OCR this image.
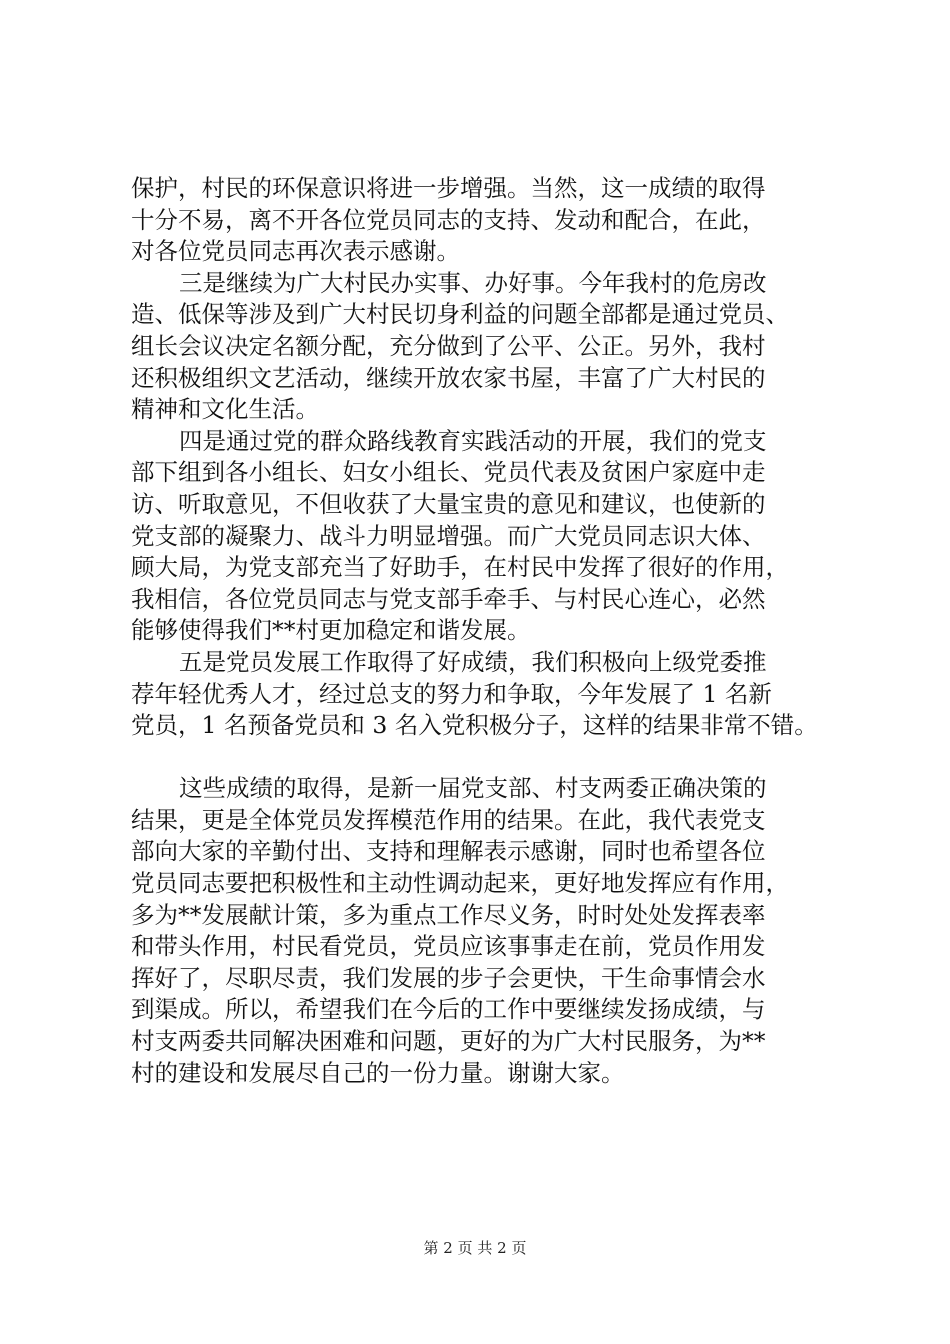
保护，村民的环保意识将进一步增强。当然，这一成绩的取得
十分不易，离不开各位党员同志的支持、发动和配合，在此，
对各位党员同志再次表示感谢。
三是继续为广大村民办实事、办好事。今年我村的危房改
造、低保等涉及到广大村民切身利益的问题全部都是通过党员、
组长会议决定名额分配，充分做到了公平、公正。另外，我村
还积极组织文艺活动，继续开放农家书屋，丰富了广大村民的
精神和文化生活。
四是通过党的群众路线教育实践活动的开展，我们的党支
部下组到各小组长、妇女小组长、党员代表及贫困户家庭中走
访、听取意见，不但收获了大量宝贵的意见和建议，也使新的
党支部的凝聚力、战斗力明显增强。而广大党员同志识大体、
顾大局，为党支部充当了好助手，在村民中发挥了很好的作用，
我相信，各位党员同志与党支部手牵手、与村民心连心，必然
能够使得我们**村更加稳定和谐发展。
五是党员发展工作取得了好成绩，我们积极向上级党委推
荐年轻优秀人才，经过总支的努力和争取，今年发展了 1 名新
党员，1 名预备党员和 3 名入党积极分子，这样的结果非常不错。
这些成绩的取得，是新一届党支部、村支两委正确决策的
结果，更是全体党员发挥模范作用的结果。在此，我代表党支
部向大家的辛勤付出、支持和理解表示感谢，同时也希望各位
党员同志要把积极性和主动性调动起来，更好地发挥应有作用，
多为**发展献计策，多为重点工作尽义务，时时处处发挥表率
和带头作用，村民看党员，党员应该事事走在前，党员作用发
挥好了，尽职尽责，我们发展的步子会更快，干生命事情会水
到渠成。所以，希望我们在今后的工作中要继续发扬成绩，与
村支两委共同解决困难和问题，更好的为广大村民服务，为**
村的建设和发展尽自己的一份力量。谢谢大家。
第 2 页 共 2 页
